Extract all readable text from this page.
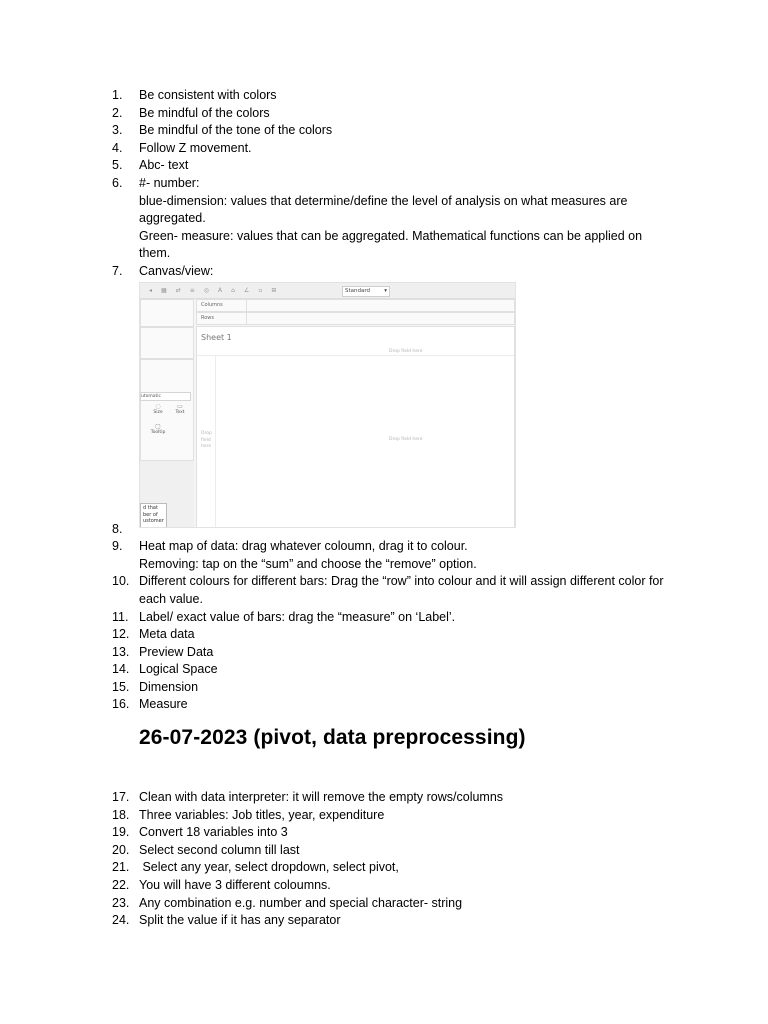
1.	Be consistent with colors
2.	Be mindful of the colors
3.	Be mindful of the tone of the colors
4.	Follow Z movement.
5.	Abc- text
6.	#- number:
blue-dimension: values that determine/define the level of analysis on what measures are aggregated.
Green- measure: values that can be aggregated. Mathematical functions can be applied on them.
7.	Canvas/view:
8.
9.	Heat map of data: drag whatever coloumn, drag it to colour.
Removing: tap on the “sum” and choose the “remove” option.
10. Different colours for different bars: Drag the “row” into colour and it will assign different color for each value.
11. Label/ exact value of bars: drag the “measure” on ‘Label’.
12. Meta data
13. Preview Data
14. Logical Space
15. Dimension
16. Measure
◂ ▦ ⇄ ≡ ◎ A ⌂ ∠ ▫ ⊞	Standard	▾
utomatic
◌
Size
▭
Text
▢
Tooltip
d that ber of ustomer
Columns
Rows
Sheet 1
Drop field here
Drop field here
Drop field here
26-07-2023 (pivot, data preprocessing)
17. Clean with data interpreter: it will remove the empty rows/columns
18. Three variables: Job titles, year, expenditure
19. Convert 18 variables into 3
20. Select second column till last
21. Select any year, select dropdown, select pivot,
22. You will have 3 different coloumns.
23. Any combination e.g. number and special character- string
24. Split the value if it has any separator
